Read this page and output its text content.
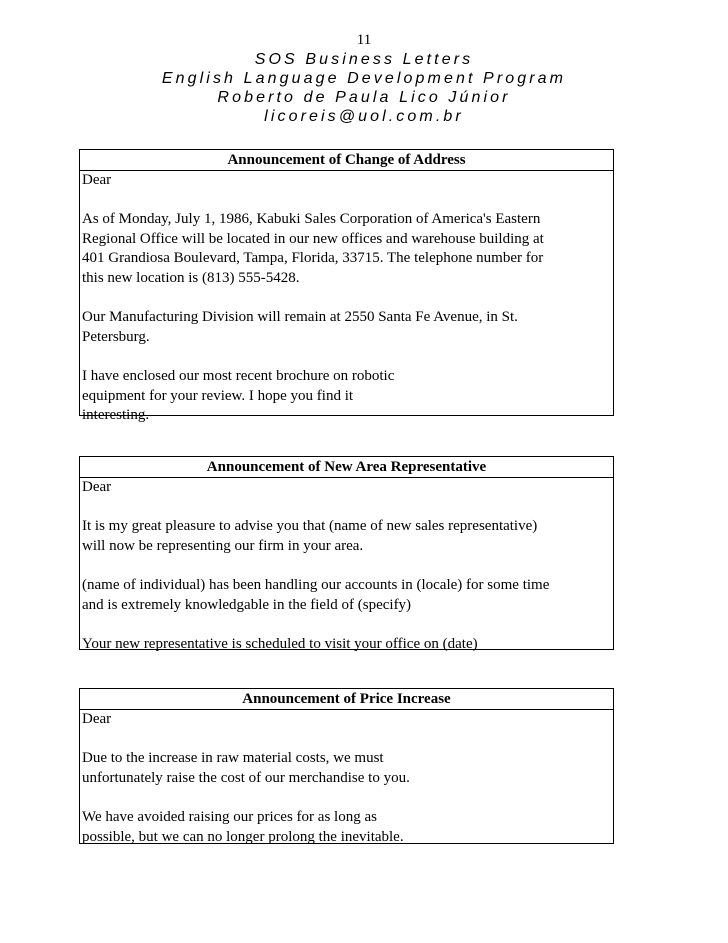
11
SOS Business Letters
English Language Development Program
Roberto de Paula Lico Júnior
licoreis@uol.com.br
Announcement of Change of Address

Dear

As of Monday, July 1, 1986, Kabuki Sales Corporation of America's Eastern
Regional Office will be located in our new offices and warehouse building at
401 Grandiosa Boulevard, Tampa, Florida, 33715. The telephone number for
this new location is (813) 555-5428.

Our Manufacturing Division will remain at 2550 Santa Fe Avenue, in St.
Petersburg.

I have enclosed our most recent brochure on robotic
equipment for your review. I hope you find it
interesting.

Announcement of New Area Representative

Dear

It is my great pleasure to advise you that (name of new sales representative)
will now be representing our firm in your area.

(name of individual) has been handling our accounts in (locale) for some time
and is extremely knowledgable in the field of (specify)

Your new representative is scheduled to visit your office on (date)

Announcement of Price Increase

Dear

Due to the increase in raw material costs, we must
unfortunately raise the cost of our merchandise to you.

We have avoided raising our prices for as long as
possible, but we can no longer prolong the inevitable.
